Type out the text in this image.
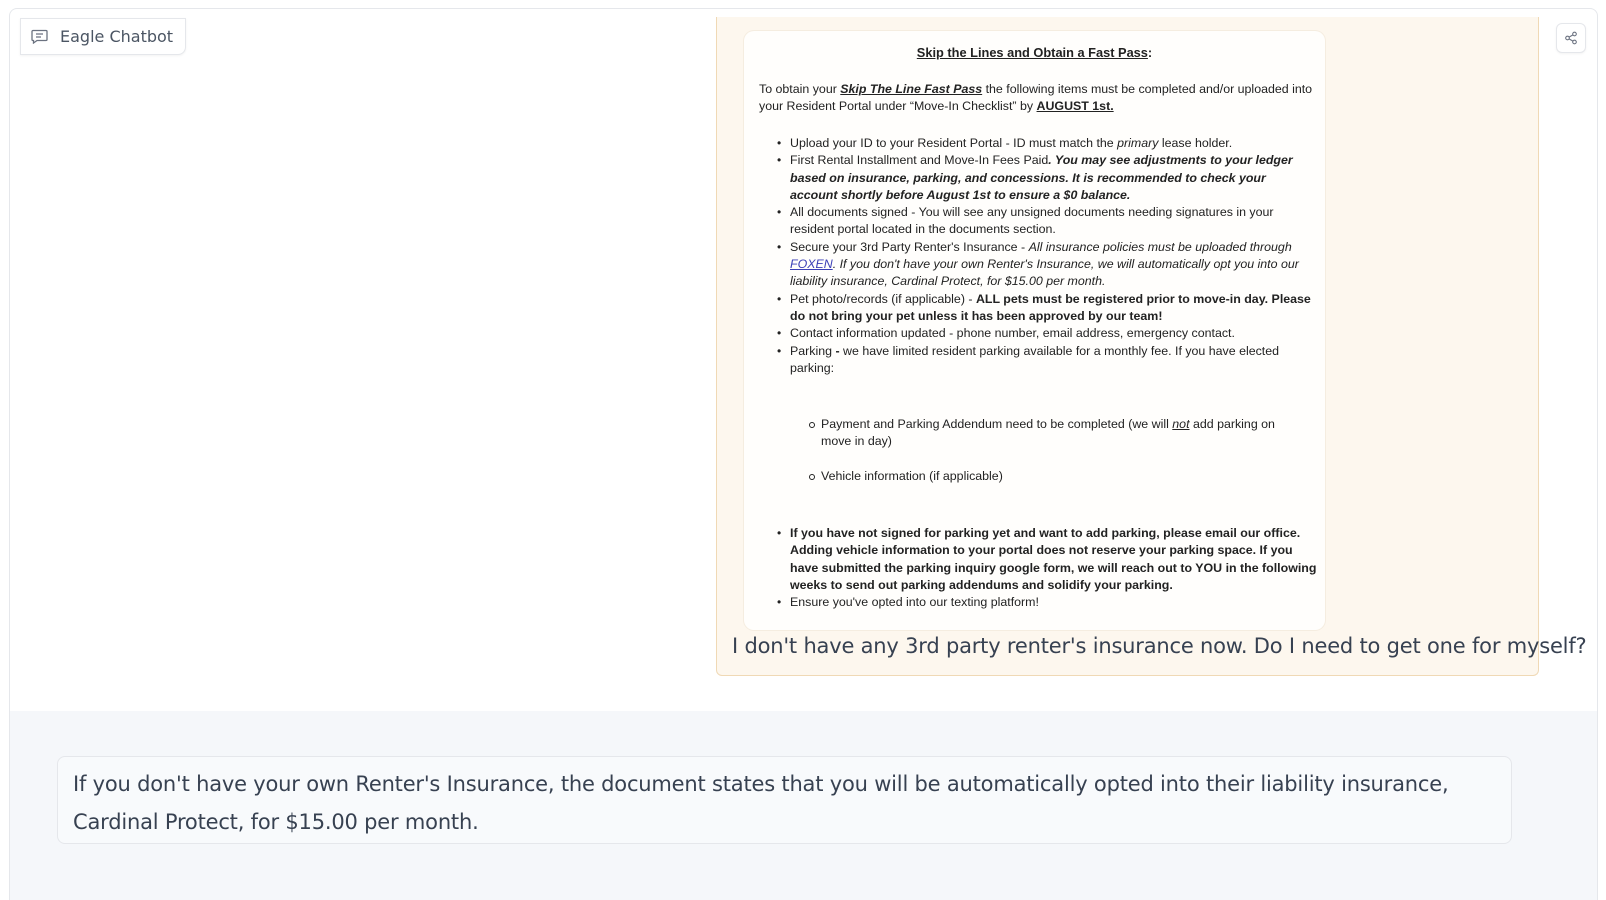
Eagle Chatbot
Skip the Lines and Obtain a Fast Pass:
To obtain your Skip The Line Fast Pass the following items must be completed and/or uploaded into your Resident Portal under “Move-In Checklist” by AUGUST 1st.
• Upload your ID to your Resident Portal - ID must match the primary lease holder.
• First Rental Installment and Move-In Fees Paid. You may see adjustments to your ledger based on insurance, parking, and concessions. It is recommended to check your account shortly before August 1st to ensure a $0 balance.
• All documents signed - You will see any unsigned documents needing signatures in your resident portal located in the documents section.
• Secure your 3rd Party Renter's Insurance - All insurance policies must be uploaded through FOXEN. If you don't have your own Renter's Insurance, we will automatically opt you into our liability insurance, Cardinal Protect, for $15.00 per month.
• Pet photo/records (if applicable) - ALL pets must be registered prior to move-in day. Please do not bring your pet unless it has been approved by our team!
• Contact information updated - phone number, email address, emergency contact.
• Parking - we have limited resident parking available for a monthly fee. If you have elected parking:
Payment and Parking Addendum need to be completed (we will not add parking on move in day)
Vehicle information (if applicable)
• If you have not signed for parking yet and want to add parking, please email our office. Adding vehicle information to your portal does not reserve your parking space. If you have submitted the parking inquiry google form, we will reach out to YOU in the following weeks to send out parking addendums and solidify your parking.
• Ensure you've opted into our texting platform!
I don't have any 3rd party renter's insurance now. Do I need to get one for myself?
If you don't have your own Renter's Insurance, the document states that you will be automatically opted into their liability insurance, Cardinal Protect, for $15.00 per month.
